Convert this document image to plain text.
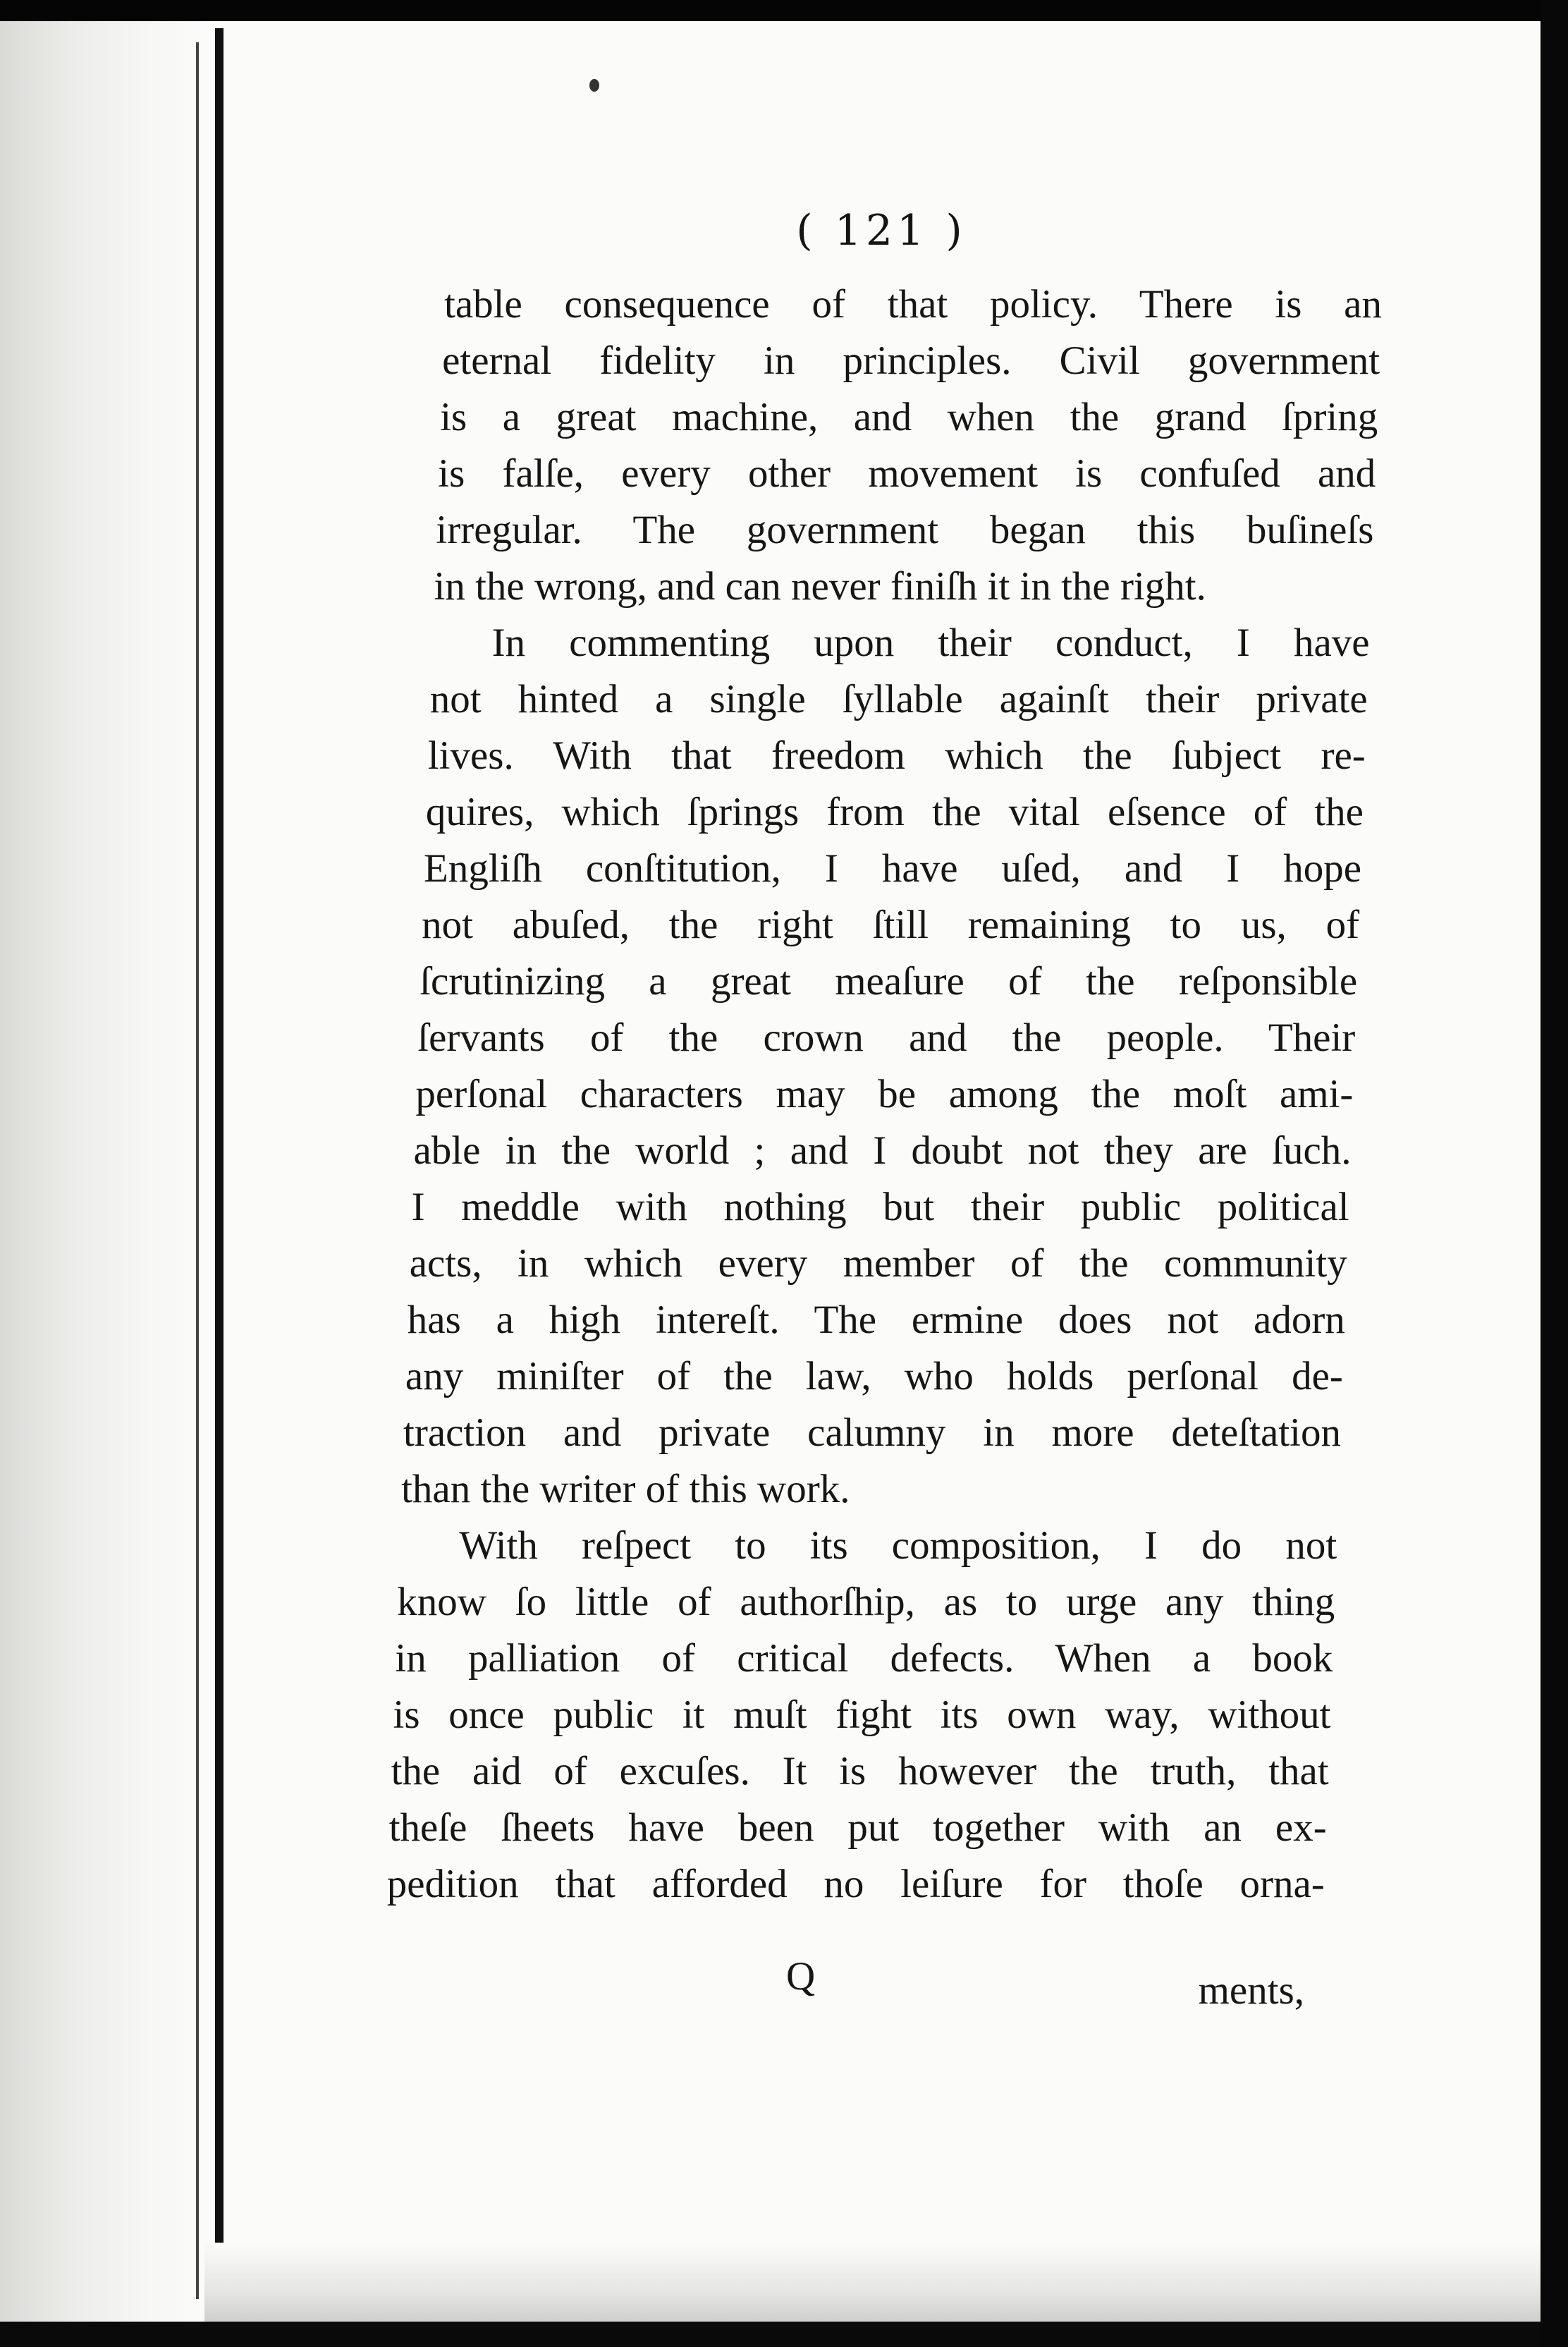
( 121 )
table consequence of that policy. There is an
eternal fidelity in principles. Civil government
is a great machine, and when the grand ſpring
is falſe, every other movement is confuſed and
irregular. The government began this buſineſs
in the wrong, and can never finiſh it in the right.
In commenting upon their conduct, I have
not hinted a single ſyllable againſt their private
lives. With that freedom which the ſubject re-
quires, which ſprings from the vital eſsence of the
Engliſh conſtitution, I have uſed, and I hope
not abuſed, the right ſtill remaining to us, of
ſcrutinizing a great meaſure of the reſponsible
ſervants of the crown and the people. Their
perſonal characters may be among the moſt ami-
able in the world ; and I doubt not they are ſuch.
I meddle with nothing but their public political
acts, in which every member of the community
has a high intereſt. The ermine does not adorn
any miniſter of the law, who holds perſonal de-
traction and private calumny in more deteſtation
than the writer of this work.
With reſpect to its composition, I do not
know ſo little of authorſhip, as to urge any thing
in palliation of critical defects. When a book
is once public it muſt fight its own way, without
the aid of excuſes. It is however the truth, that
theſe ſheets have been put together with an ex-
pedition that afforded no leiſure for thoſe orna-
Q	ments,
